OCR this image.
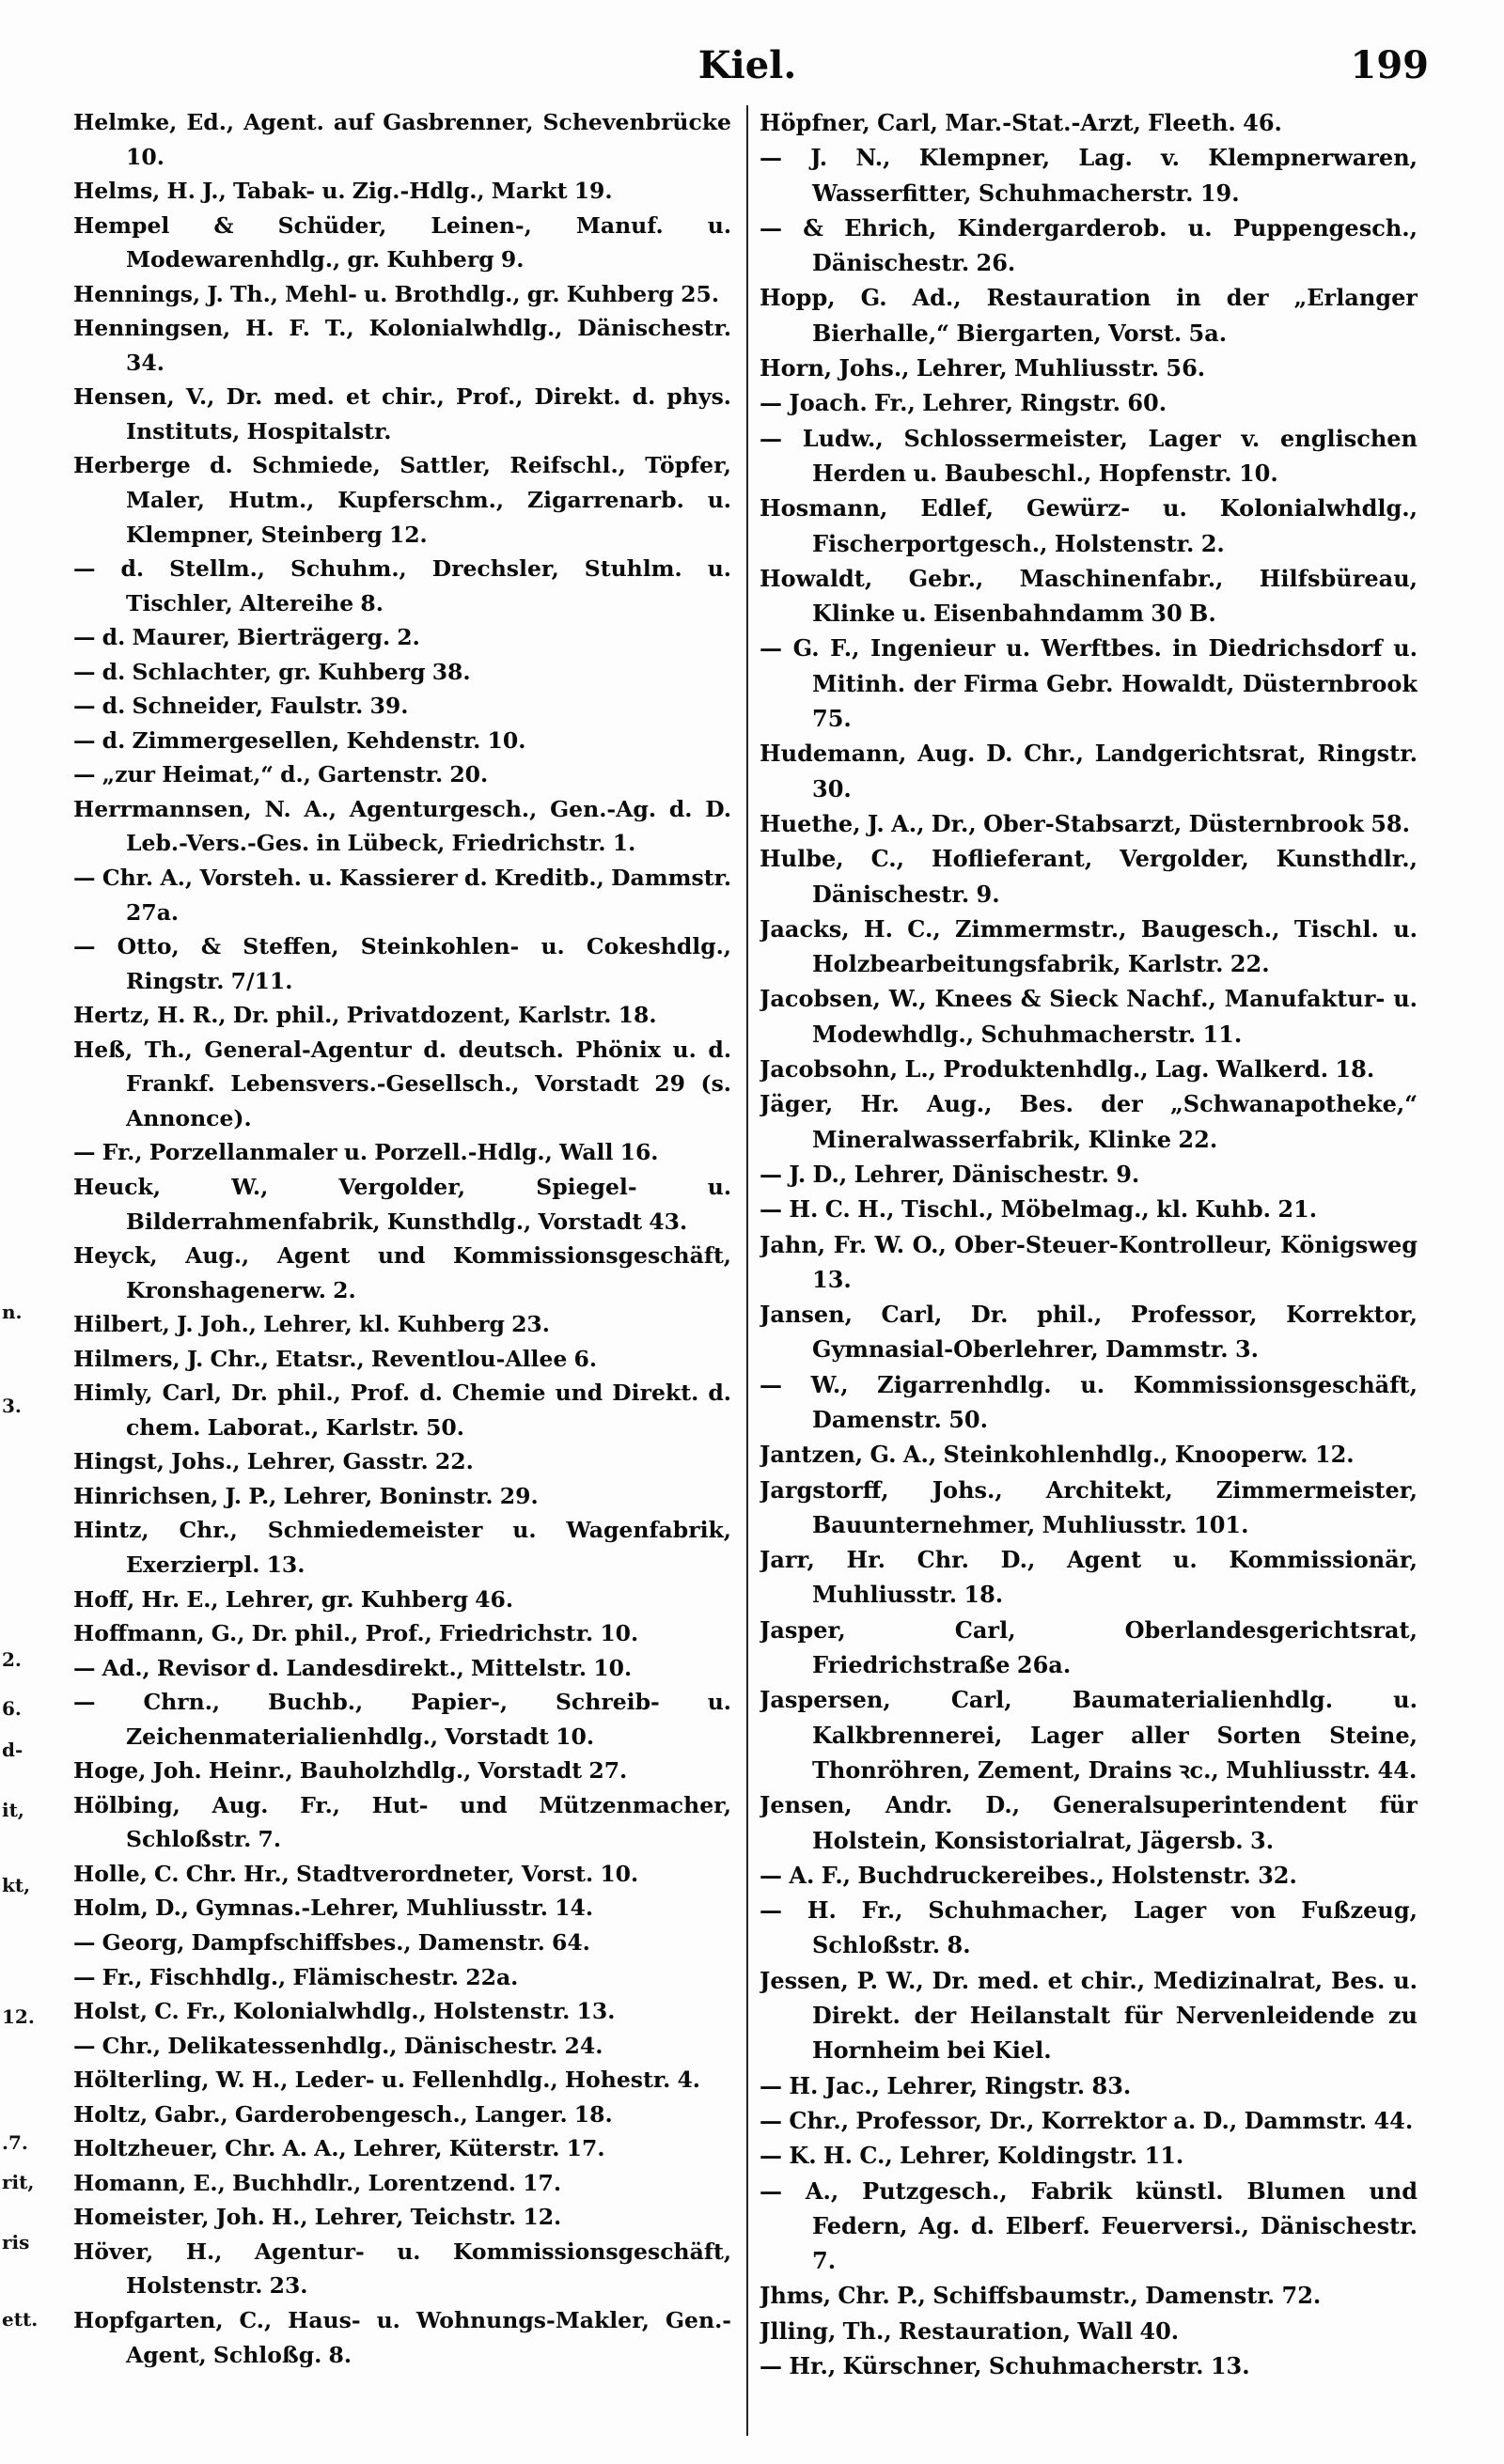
n.
3.
2.
6.
d-
it,
kt,
12.
.7.
rit,
ris
ett.
Kiel.	199

Helmke, Ed., Agent. auf Gasbrenner, Schevenbrücke 10.

Helms, H. J., Tabak- u. Zig.-Hdlg., Markt 19.

Hempel & Schüder, Leinen-, Manuf. u. Modewarenhdlg., gr. Kuhberg 9.

Hennings, J. Th., Mehl- u. Brothdlg., gr. Kuhberg 25.

Henningsen, H. F. T., Kolonialwhdlg., Dänischestr. 34.

Hensen, V., Dr. med. et chir., Prof., Direkt. d. phys. Instituts, Hospitalstr.

Herberge d. Schmiede, Sattler, Reifschl., Töpfer, Maler, Hutm., Kupferschm., Zigarrenarb. u. Klempner, Steinberg 12.

— d. Stellm., Schuhm., Drechsler, Stuhlm. u. Tischler, Altereihe 8.

— d. Maurer, Bierträgerg. 2.

— d. Schlachter, gr. Kuhberg 38.

— d. Schneider, Faulstr. 39.

— d. Zimmergesellen, Kehdenstr. 10.

— „zur Heimat,“ d., Gartenstr. 20.

Herrmannsen, N. A., Agenturgesch., Gen.-Ag. d. D. Leb.-Vers.-Ges. in Lübeck, Friedrichstr. 1.

— Chr. A., Vorsteh. u. Kassierer d. Kreditb., Dammstr. 27a.

— Otto, & Steffen, Steinkohlen- u. Cokeshdlg., Ringstr. 7/11.

Hertz, H. R., Dr. phil., Privatdozent, Karlstr. 18.

Heß, Th., General-Agentur d. deutsch. Phönix u. d. Frankf. Lebensvers.-Gesellsch., Vorstadt 29 (s. Annonce).

— Fr., Porzellanmaler u. Porzell.-Hdlg., Wall 16.

Heuck, W., Vergolder, Spiegel- u. Bilderrahmenfabrik, Kunsthdlg., Vorstadt 43.

Heyck, Aug., Agent und Kommissionsgeschäft, Kronshagenerw. 2.

Hilbert, J. Joh., Lehrer, kl. Kuhberg 23.

Hilmers, J. Chr., Etatsr., Reventlou-Allee 6.

Himly, Carl, Dr. phil., Prof. d. Chemie und Direkt. d. chem. Laborat., Karlstr. 50.

Hingst, Johs., Lehrer, Gasstr. 22.

Hinrichsen, J. P., Lehrer, Boninstr. 29.

Hintz, Chr., Schmiedemeister u. Wagenfabrik, Exerzierpl. 13.

Hoff, Hr. E., Lehrer, gr. Kuhberg 46.

Hoffmann, G., Dr. phil., Prof., Friedrichstr. 10.

— Ad., Revisor d. Landesdirekt., Mittelstr. 10.

— Chrn., Buchb., Papier-, Schreib- u. Zeichenmaterialienhdlg., Vorstadt 10.

Hoge, Joh. Heinr., Bauholzhdlg., Vorstadt 27.

Hölbing, Aug. Fr., Hut- und Mützenmacher, Schloßstr. 7.

Holle, C. Chr. Hr., Stadtverordneter, Vorst. 10.

Holm, D., Gymnas.-Lehrer, Muhliusstr. 14.

— Georg, Dampfschiffsbes., Damenstr. 64.

— Fr., Fischhdlg., Flämischestr. 22a.

Holst, C. Fr., Kolonialwhdlg., Holstenstr. 13.

— Chr., Delikatessenhdlg., Dänischestr. 24.

Hölterling, W. H., Leder- u. Fellenhdlg., Hohestr. 4.

Holtz, Gabr., Garderobengesch., Langer. 18.

Holtzheuer, Chr. A. A., Lehrer, Küterstr. 17.

Homann, E., Buchhdlr., Lorentzend. 17.

Homeister, Joh. H., Lehrer, Teichstr. 12.

Höver, H., Agentur- u. Kommissionsgeschäft, Holstenstr. 23.

Hopfgarten, C., Haus- u. Wohnungs-Makler, Gen.-Agent, Schloßg. 8.

Höpfner, Carl, Mar.-Stat.-Arzt, Fleeth. 46.

— J. N., Klempner, Lag. v. Klempnerwaren, Wasserfitter, Schuhmacherstr. 19.

— & Ehrich, Kindergarderob. u. Puppengesch., Dänischestr. 26.

Hopp, G. Ad., Restauration in der „Erlanger Bierhalle,“ Biergarten, Vorst. 5a.

Horn, Johs., Lehrer, Muhliusstr. 56.

— Joach. Fr., Lehrer, Ringstr. 60.

— Ludw., Schlossermeister, Lager v. englischen Herden u. Baubeschl., Hopfenstr. 10.

Hosmann, Edlef, Gewürz- u. Kolonialwhdlg., Fischerportgesch., Holstenstr. 2.

Howaldt, Gebr., Maschinenfabr., Hilfsbüreau, Klinke u. Eisenbahndamm 30 B.

— G. F., Ingenieur u. Werftbes. in Diedrichsdorf u. Mitinh. der Firma Gebr. Howaldt, Düsternbrook 75.

Hudemann, Aug. D. Chr., Landgerichtsrat, Ringstr. 30.

Huethe, J. A., Dr., Ober-Stabsarzt, Düsternbrook 58.

Hulbe, C., Hoflieferant, Vergolder, Kunsthdlr., Dänischestr. 9.

Jaacks, H. C., Zimmermstr., Baugesch., Tischl. u. Holzbearbeitungsfabrik, Karlstr. 22.

Jacobsen, W., Knees & Sieck Nachf., Manufaktur- u. Modewhdlg., Schuhmacherstr. 11.

Jacobsohn, L., Produktenhdlg., Lag. Walkerd. 18.

Jäger, Hr. Aug., Bes. der „Schwanapotheke,“ Mineralwasserfabrik, Klinke 22.

— J. D., Lehrer, Dänischestr. 9.

— H. C. H., Tischl., Möbelmag., kl. Kuhb. 21.

Jahn, Fr. W. O., Ober-Steuer-Kontrolleur, Königsweg 13.

Jansen, Carl, Dr. phil., Professor, Korrektor, Gymnasial-Oberlehrer, Dammstr. 3.

— W., Zigarrenhdlg. u. Kommissionsgeschäft, Damenstr. 50.

Jantzen, G. A., Steinkohlenhdlg., Knooperw. 12.

Jargstorff, Johs., Architekt, Zimmermeister, Bauunternehmer, Muhliusstr. 101.

Jarr, Hr. Chr. D., Agent u. Kommissionär, Muhliusstr. 18.

Jasper, Carl, Oberlandesgerichtsrat, Friedrichstraße 26a.

Jaspersen, Carl, Baumaterialienhdlg. u. Kalkbrennerei, Lager aller Sorten Steine, Thonröhren, Zement, Drains ꝛc., Muhliusstr. 44.

Jensen, Andr. D., Generalsuperintendent für Holstein, Konsistorialrat, Jägersb. 3.

— A. F., Buchdruckereibes., Holstenstr. 32.

— H. Fr., Schuhmacher, Lager von Fußzeug, Schloßstr. 8.

Jessen, P. W., Dr. med. et chir., Medizinalrat, Bes. u. Direkt. der Heilanstalt für Nervenleidende zu Hornheim bei Kiel.

— H. Jac., Lehrer, Ringstr. 83.

— Chr., Professor, Dr., Korrektor a. D., Dammstr. 44.

— K. H. C., Lehrer, Koldingstr. 11.

— A., Putzgesch., Fabrik künstl. Blumen und Federn, Ag. d. Elberf. Feuerversi., Dänischestr. 7.

Jhms, Chr. P., Schiffsbaumstr., Damenstr. 72.

Jlling, Th., Restauration, Wall 40.

— Hr., Kürschner, Schuhmacherstr. 13.
